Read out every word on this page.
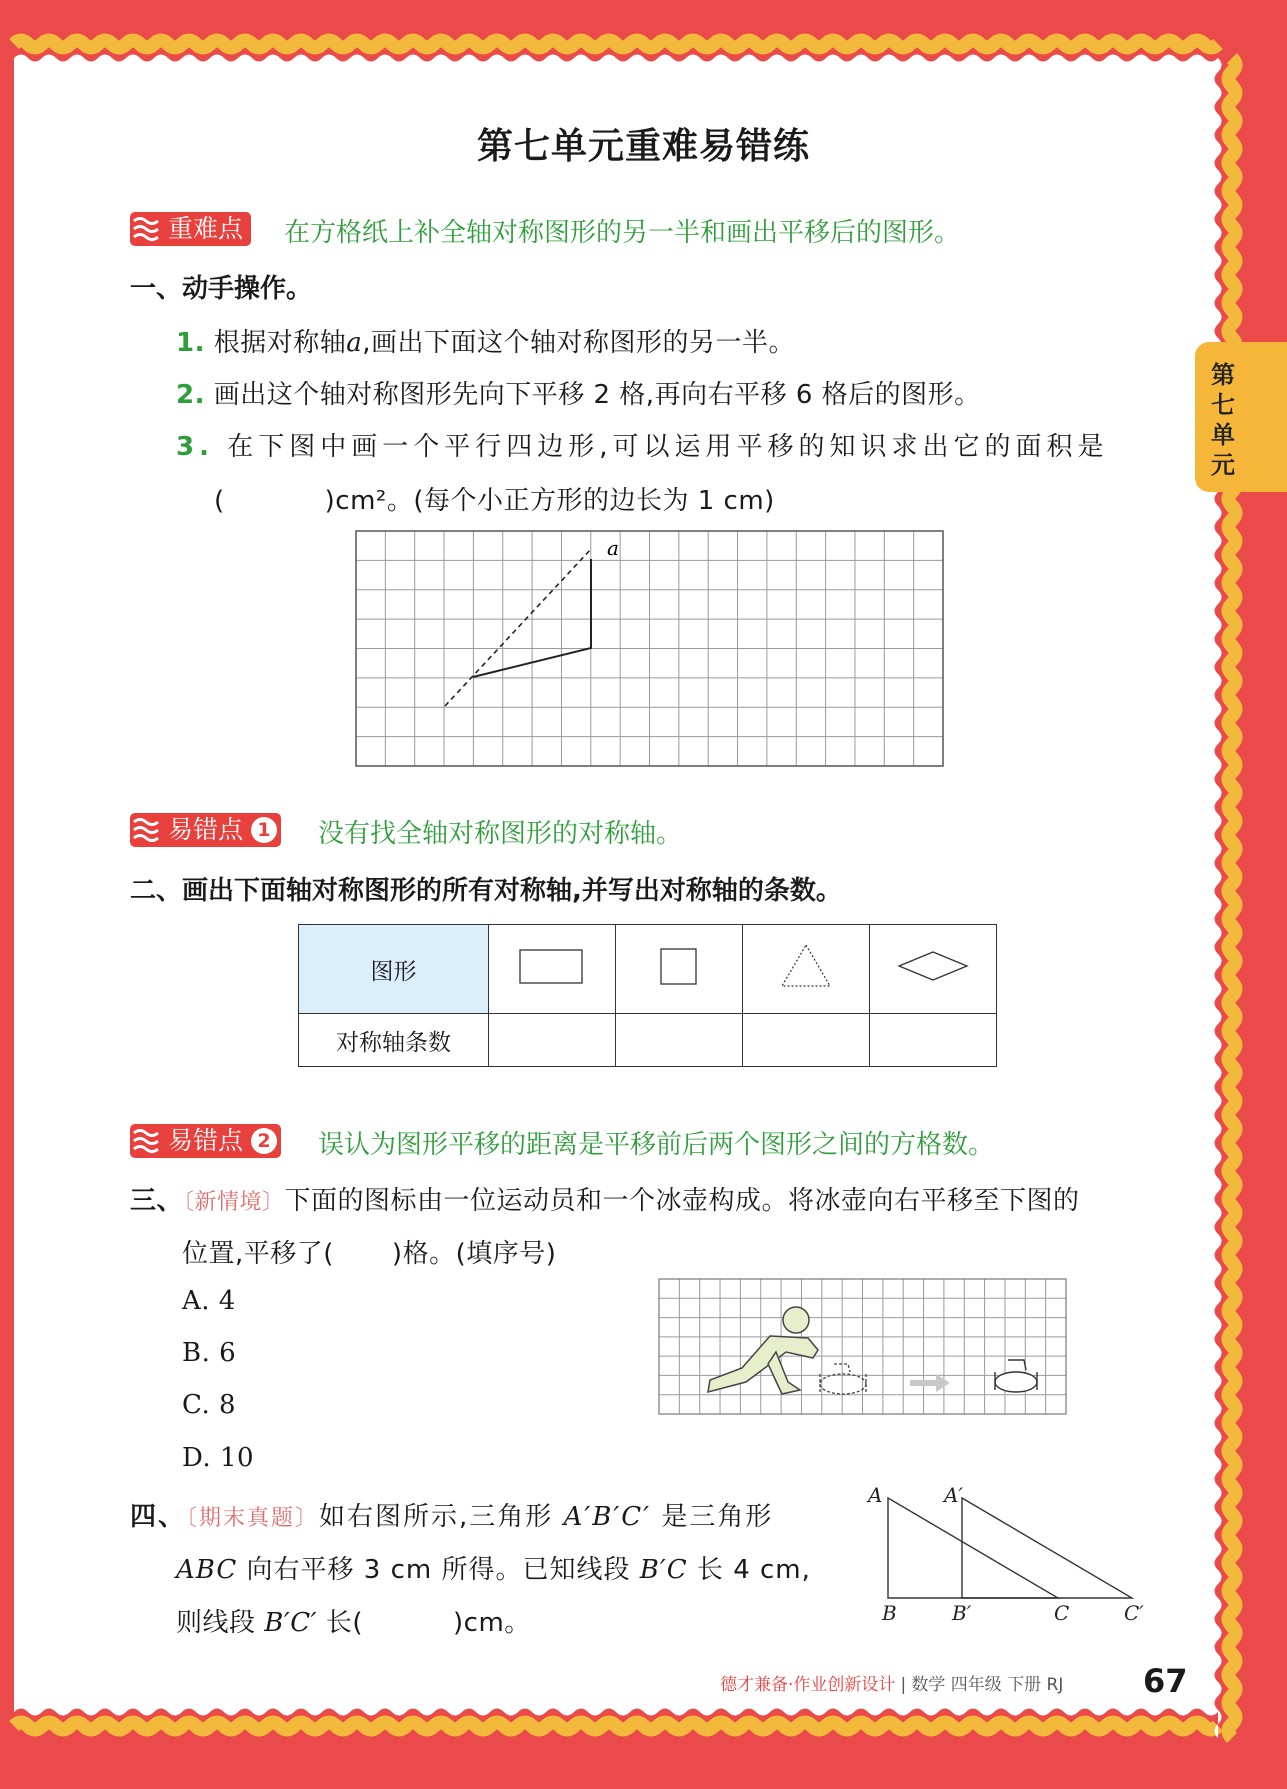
第
七
单
元
第七单元重难易错练
重难点	在方格纸上补全轴对称图形的另一半和画出平移后的图形。
一、动手操作。
1. 根据对称轴a,画出下面这个轴对称图形的另一半。
2. 画出这个轴对称图形先向下平移 2 格,再向右平移 6 格后的图形。
3. 在下图中画一个平行四边形,可以运用平移的知识求出它的面积是
(	)cm²。(每个小正方形的边长为 1 cm)
a
易错点 1 没有找全轴对称图形的对称轴。
二、画出下面轴对称图形的所有对称轴,并写出对称轴的条数。
图形				
对称轴条数				
易错点 2 误认为图形平移的距离是平移前后两个图形之间的方格数。
三、〔新情境〕下面的图标由一位运动员和一个冰壶构成。将冰壶向右平移至下图的
位置,平移了( )格。(填序号)
A. 4
B. 6
C. 8
D. 10
四、〔期末真题〕如右图所示,三角形 A′B′C′ 是三角形
ABC 向右平移 3 cm 所得。已知线段 B′C 长 4 cm,
则线段 B′C′ 长(	)cm。
A	A′
B	B′	C	C′
德才兼备·作业创新设计 | 数学 四年级 下册 RJ 67
